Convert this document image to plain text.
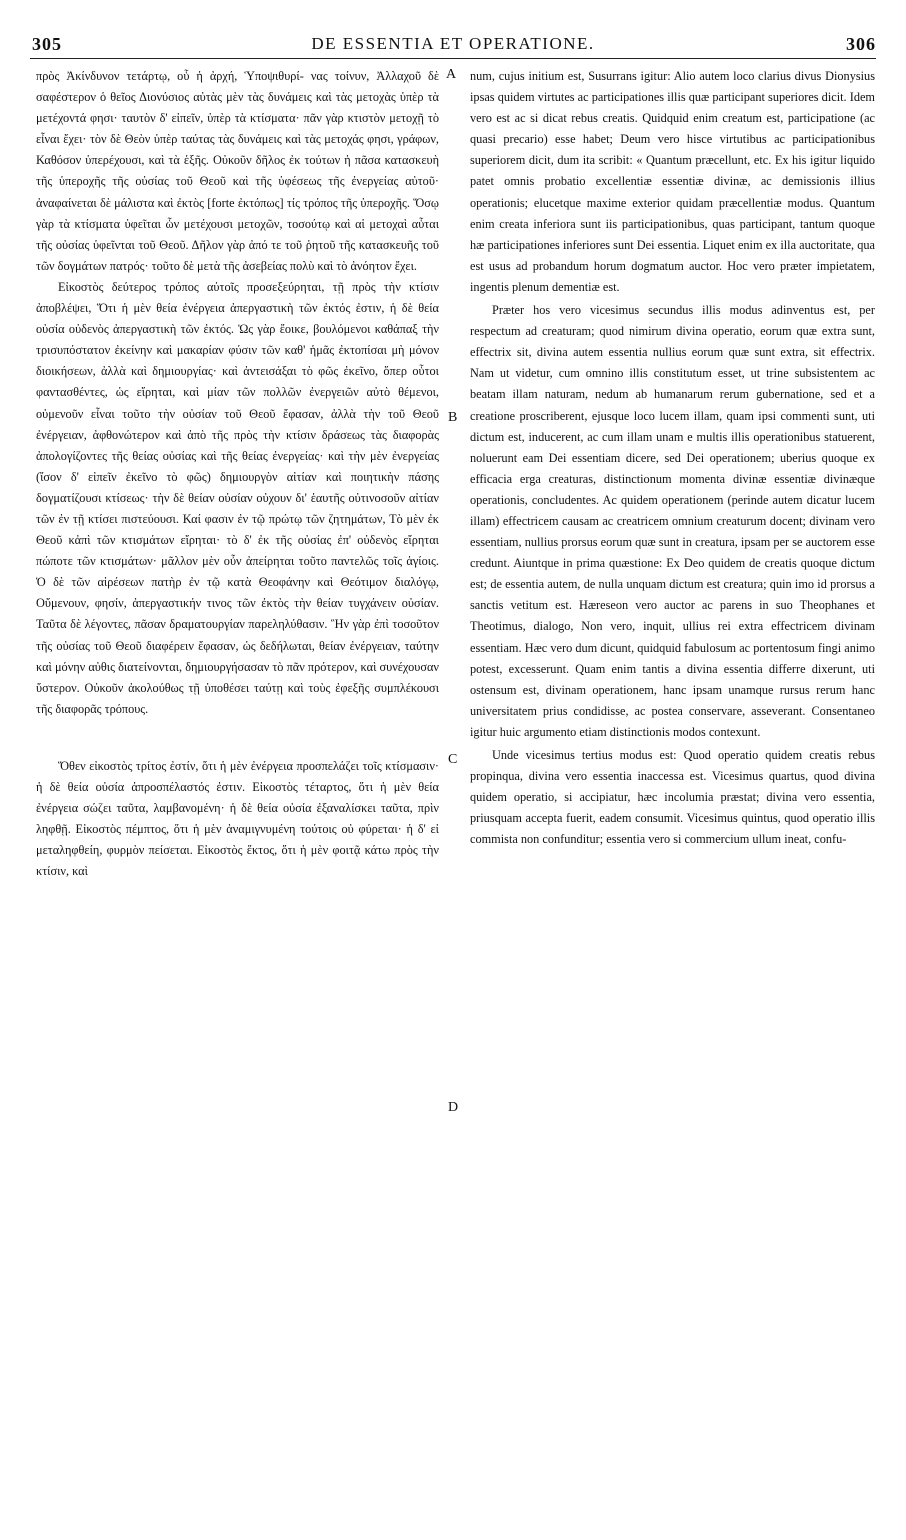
305	DE ESSENTIA ET OPERATIONE.	306

πρὸς Ἀκίνδυνον τετάρτῳ, οὗ ἡ ἀρχή, Ὑποψιθυρί- νας τοίνυν, Ἀλλαχοῦ δὲ σαφέστερον ὁ θεῖος Διονύσιος αὐτὰς μὲν τὰς δυνάμεις καὶ τὰς μετοχὰς ὑπὲρ τὰ μετέχοντά φησι· ταυτὸν δ' εἰπεῖν, ὑπὲρ τὰ κτίσματα· πᾶν γὰρ κτιστὸν μετοχῇ τὸ εἶναι ἔχει· τὸν δὲ Θεὸν ὑπὲρ ταύτας τὰς δυνάμεις καὶ τὰς μετοχάς φησι, γράφων, Καθόσον ὑπερέχουσι, καὶ τὰ ἑξῆς. Οὐκοῦν δῆλος ἐκ τούτων ἡ πᾶσα κατασκευὴ τῆς ὑπεροχῆς τῆς οὐσίας τοῦ Θεοῦ καὶ τῆς ὑφέσεως τῆς ἐνεργείας αὐτοῦ· ἀναφαίνεται δὲ μάλιστα καὶ ἐκτὸς [forte ἐκτόπως] τίς τρόπος τῆς ὑπεροχῆς. Ὅσῳ γὰρ τὰ κτίσματα ὑφεῖται ὧν μετέχουσι μετοχῶν, τοσούτῳ καὶ αἱ μετοχαὶ αὗται τῆς οὐσίας ὑφεῖνται τοῦ Θεοῦ. Δῆλον γὰρ ἀπό τε τοῦ ῥητοῦ τῆς κατασκευῆς τοῦ τῶν δογμάτων πατρός· τοῦτο δὲ μετὰ τῆς ἀσεβείας πολὺ καὶ τὸ ἀνόητον ἔχει.

Εἰκοστὸς δεύτερος τρόπος αὐτοῖς προσεξεύρηται, τῇ πρὸς τὴν κτίσιν ἀποβλέψει, Ὅτι ἡ μὲν θεία ἐνέργεια ἀπεργαστικὴ τῶν ἐκτός ἐστιν, ἡ δὲ θεία οὐσία οὐδενὸς ἀπεργαστικὴ τῶν ἐκτός. Ὡς γὰρ ἔοικε, βουλόμενοι καθάπαξ τὴν τρισυπόστατον ἐκείνην καὶ μακαρίαν φύσιν τῶν καθ' ἡμᾶς ἐκτοπίσαι μὴ μόνον διοικήσεων, ἀλλὰ καὶ δημιουργίας· καὶ ἀντεισάξαι τὸ φῶς ἐκεῖνο, ὅπερ οὗτοι φαντασθέντες, ὡς εἴρηται, καὶ μίαν τῶν πολλῶν ἐνεργειῶν αὐτὸ θέμενοι, οὐμενοῦν εἶναι τοῦτο τὴν οὐσίαν τοῦ Θεοῦ ἔφασαν, ἀλλὰ τὴν τοῦ Θεοῦ ἐνέργειαν, ἀφθονώτερον καὶ ἀπὸ τῆς πρὸς τὴν κτίσιν δράσεως τὰς διαφορὰς ἀπολογίζοντες τῆς θείας οὐσίας καὶ τῆς θείας ἐνεργείας· καὶ τὴν μὲν ἐνεργείας (ἴσον δ' εἰπεῖν ἐκεῖνο τὸ φῶς) δημιουργὸν αἰτίαν καὶ ποιητικὴν πάσης δογματίζουσι κτίσεως· τὴν δὲ θείαν οὐσίαν οὐχουν δι' ἑαυτῆς οὐτινοσοῦν αἰτίαν τῶν ἐν τῇ κτίσει πιστεύουσι. Καί φασιν ἐν τῷ πρώτῳ τῶν ζητημάτων, Τὸ μὲν ἐκ Θεοῦ κἀπὶ τῶν κτισμάτων εἴρηται· τὸ δ' ἐκ τῆς οὐσίας ἐπ' οὐδενὸς εἴρηται πώποτε τῶν κτισμάτων· μᾶλλον μὲν οὖν ἀπείρηται τοῦτο παντελῶς τοῖς ἁγίοις. Ὁ δὲ τῶν αἱρέσεων πατὴρ ἐν τῷ κατὰ Θεοφάνην καὶ Θεότιμον διαλόγῳ, Οὔμενουν, φησίν, ἀπεργαστικήν τινος τῶν ἐκτὸς τὴν θείαν τυγχάνειν οὐσίαν. Ταῦτα δὲ λέγοντες, πᾶσαν δραματουργίαν παρεληλύθασιν. Ἣν γὰρ ἐπὶ τοσοῦτον τῆς οὐσίας τοῦ Θεοῦ διαφέρειν ἔφασαν, ὡς δεδήλωται, θείαν ἐνέργειαν, ταύτην καὶ μόνην αὐθις διατείνονται, δημιουργήσασαν τὸ πᾶν πρότερον, καὶ συνέχουσαν ὕστερον. Οὐκοῦν ἀκολούθως τῇ ὑποθέσει ταύτῃ καὶ τοὺς ἐφεξῆς συμπλέκουσι τῆς διαφορᾶς τρόπους.

Ὅθεν εἰκοστὸς τρίτος ἐστίν, ὅτι ἡ μὲν ἐνέργεια προσπελάζει τοῖς κτίσμασιν· ἡ δὲ θεία οὐσία ἀπροσπέλαστός ἐστιν. Εἰκοστὸς τέταρτος, ὅτι ἡ μὲν θεία ἐνέργεια σώζει ταῦτα, λαμβανομένη· ἡ δὲ θεία οὐσία ἐξαναλίσκει ταῦτα, πρὶν ληφθῇ. Εἰκοστὸς πέμπτος, ὅτι ἡ μὲν ἀναμιγνυμένη τούτοις οὐ φύρεται· ἡ δ' εἰ μεταληφθείη, φυρμὸν πείσεται. Εἰκοστὸς ἕκτος, ὅτι ἡ μὲν φοιτᾷ κάτω πρὸς τὴν κτίσιν, καὶ

A
B
C
D

num, cujus initium est, Susurrans igitur: Alio autem loco clarius divus Dionysius ipsas quidem virtutes ac participationes illis quæ participant superiores dicit. Idem vero est ac si dicat rebus creatis. Quidquid enim creatum est, participatione (ac quasi precario) esse habet; Deum vero hisce virtutibus ac participationibus superiorem dicit, dum ita scribit: « Quantum præcellunt, etc. Ex his igitur liquido patet omnis probatio excellentiæ essentiæ divinæ, ac demissionis illius operationis; elucetque maxime exterior quidam præcellentiæ modus. Quantum enim creata inferiora sunt iis participationibus, quas participant, tantum quoque hæ participationes inferiores sunt Dei essentia. Liquet enim ex illa auctoritate, qua est usus ad probandum horum dogmatum auctor. Hoc vero præter impietatem, ingentis plenum dementiæ est.

Præter hos vero vicesimus secundus illis modus adinventus est, per respectum ad creaturam; quod nimirum divina operatio, eorum quæ extra sunt, effectrix sit, divina autem essentia nullius eorum quæ sunt extra, sit effectrix. Nam ut videtur, cum omnino illis constitutum esset, ut trine subsistentem ac beatam illam naturam, nedum ab humanarum rerum gubernatione, sed et a creatione proscriberent, ejusque loco lucem illam, quam ipsi commenti sunt, uti dictum est, inducerent, ac cum illam unam e multis illis operationibus statuerent, noluerunt eam Dei essentiam dicere, sed Dei operationem; uberius quoque ex efficacia erga creaturas, distinctionum momenta divinæ essentiæ divinæque operationis, concludentes. Ac quidem operationem (perinde autem dicatur lucem illam) effectricem causam ac creatricem omnium creaturum docent; divinam vero essentiam, nullius prorsus eorum quæ sunt in creatura, ipsam per se auctorem esse credunt. Aiuntque in prima quæstione: Ex Deo quidem de creatis quoque dictum est; de essentia autem, de nulla unquam dictum est creatura; quin imo id prorsus a sanctis vetitum est. Hæreseon vero auctor ac parens in suo Theophanes et Theotimus, dialogo, Non vero, inquit, ullius rei extra effectricem divinam essentiam. Hæc vero dum dicunt, quidquid fabulosum ac portentosum fingi animo potest, excesserunt. Quam enim tantis a divina essentia differre dixerunt, uti ostensum est, divinam operationem, hanc ipsam unamque rursus rerum hanc universitatem prius condidisse, ac postea conservare, asseverant. Consentaneo igitur huic argumento etiam distinctionis modos contexunt.

Unde vicesimus tertius modus est: Quod operatio quidem creatis rebus propinqua, divina vero essentia inaccessa est. Vicesimus quartus, quod divina quidem operatio, si accipiatur, hæc incolumia præstat; divina vero essentia, priusquam accepta fuerit, eadem consumit. Vicesimus quintus, quod operatio illis commista non confunditur; essentia vero si commercium ullum ineat, confu-
